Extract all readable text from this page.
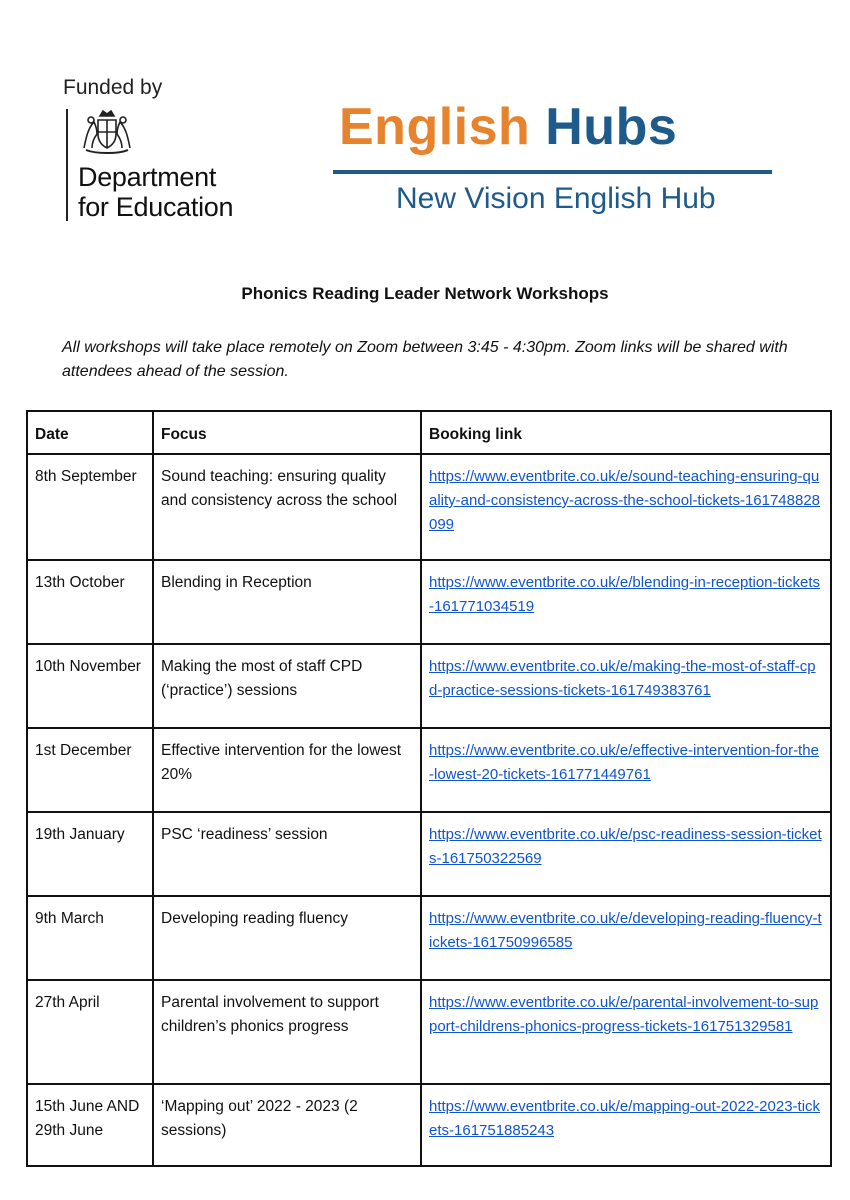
Funded by
Department
for Education
English Hubs
New Vision English Hub
Phonics Reading Leader Network Workshops
All workshops will take place remotely on Zoom between 3:45 - 4:30pm. Zoom links will be shared with attendees ahead of the session.
Date	Focus	Booking link
8th September	Sound teaching: ensuring quality and consistency across the school	https://www.eventbrite.co.uk/e/sound-teaching-ensuring-quality-and-consistency-across-the-school-tickets-161748828099
13th October	Blending in Reception	https://www.eventbrite.co.uk/e/blending-in-reception-tickets-161771034519
10th November	Making the most of staff CPD (‘practice’) sessions	https://www.eventbrite.co.uk/e/making-the-most-of-staff-cpd-practice-sessions-tickets-161749383761
1st December	Effective intervention for the lowest 20%	https://www.eventbrite.co.uk/e/effective-intervention-for-the-lowest-20-tickets-161771449761
19th January	PSC ‘readiness’ session	https://www.eventbrite.co.uk/e/psc-readiness-session-tickets-161750322569
9th March	Developing reading fluency	https://www.eventbrite.co.uk/e/developing-reading-fluency-tickets-161750996585
27th April	Parental involvement to support children’s phonics progress	https://www.eventbrite.co.uk/e/parental-involvement-to-support-childrens-phonics-progress-tickets-161751329581
15th June AND 29th June	‘Mapping out’ 2022 - 2023 (2 sessions)	https://www.eventbrite.co.uk/e/mapping-out-2022-2023-tickets-161751885243
